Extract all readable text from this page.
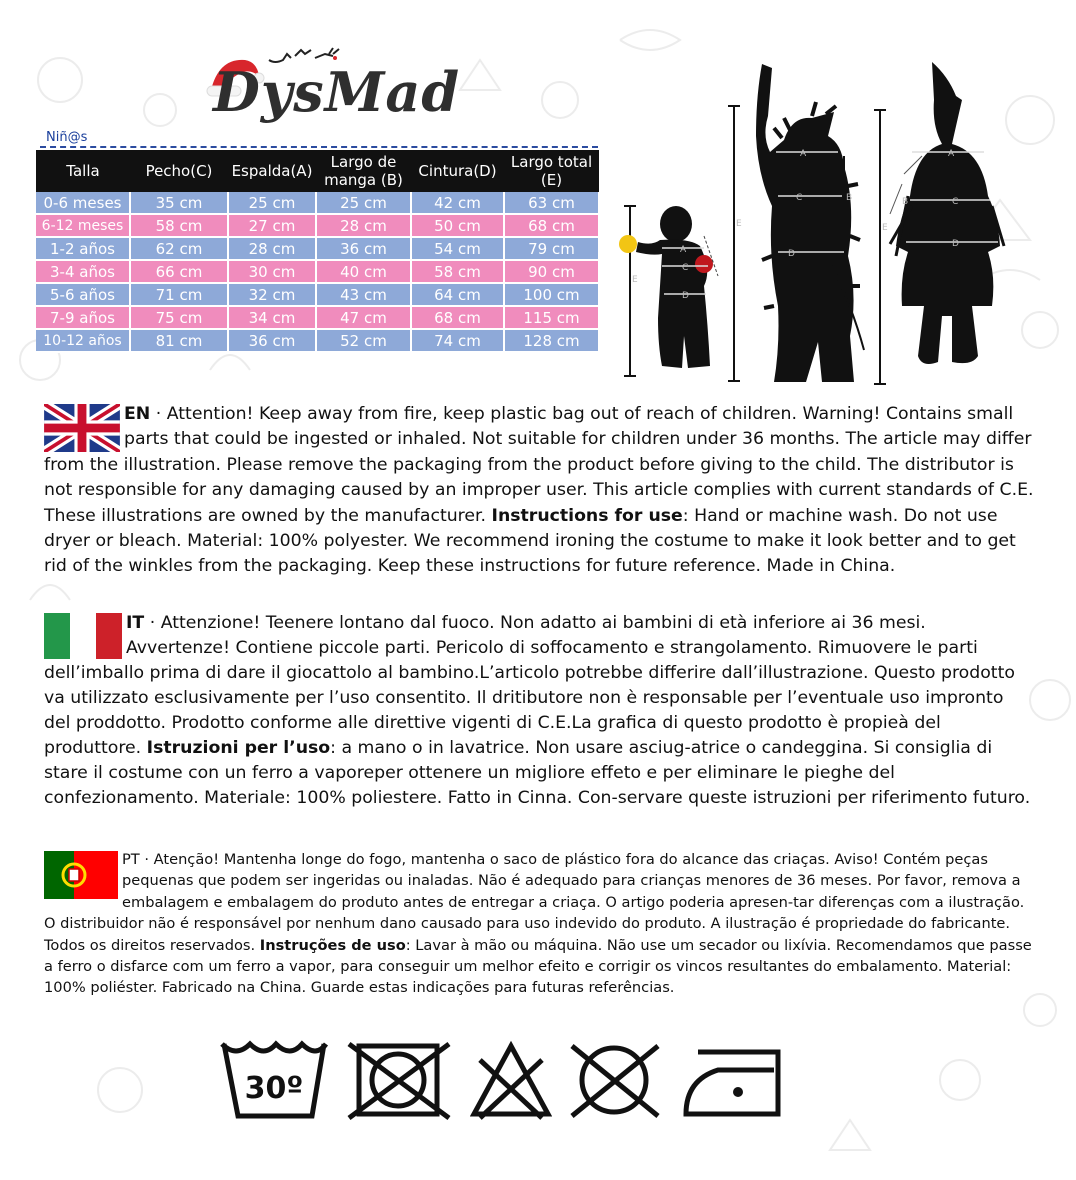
DysMad
Niñ@s
Talla	Pecho(C)	Espalda(A)	Largo de manga (B)	Cintura(D)	Largo total (E)
0-6 meses	35 cm	25 cm	25 cm	42 cm	63 cm
6-12 meses	58 cm	27 cm	28 cm	50 cm	68 cm
1-2 años	62 cm	28 cm	36 cm	54 cm	79 cm
3-4 años	66 cm	30 cm	40 cm	58 cm	90 cm
5-6 años	71 cm	32 cm	43 cm	64 cm	100 cm
7-9 años	75 cm	34 cm	47 cm	68 cm	115 cm
10-12 años	81 cm	36 cm	52 cm	74 cm	128 cm
A
C
D
E
A
C	B
D
E
A
C
B
D
E

EN · Attention! Keep away from fire, keep plastic bag out of reach of children. Warning! Contains small parts that could be ingested or inhaled. Not suitable for children under 36 months. The article may differ from the illustration. Please remove the packaging from the product before giving to the child. The distributor is not responsible for any damaging caused by an improper user. This article complies with current standards of C.E. These illustrations are owned by the manufacturer. Instructions for use: Hand or machine wash. Do not use dryer or bleach. Material: 100% polyester. We recommend ironing the costume to make it look better and to get rid of the winkles from the packaging. Keep these instructions for future reference. Made in China.

IT · Attenzione! Teenere lontano dal fuoco. Non adatto ai bambini di età inferiore ai 36 mesi. Avvertenze! Contiene piccole parti. Pericolo di soffocamento e strangolamento. Rimuovere le parti dell’imballo prima di dare il giocattolo al bambino.L’articolo potrebbe differire dall’illustrazione. Questo prodotto va utilizzato esclusivamente per l’uso consentito. Il dritibutore non è responsable per l’eventuale uso impronto del proddotto. Prodotto conforme alle direttive vigenti di C.E.La grafica di questo prodotto è propieà del produttore. Istruzioni per l’uso: a mano o in lavatrice. Non usare asciug-atrice o candeggina. Si consiglia di stare il costume con un ferro a vaporeper ottenere un migliore effeto e per eliminare le pieghe del confezionamento. Materiale: 100% poliestere. Fatto in Cinna. Con-servare queste istruzioni per riferimento futuro.

PT · Atenção! Mantenha longe do fogo, mantenha o saco de plástico fora do alcance das criaças. Aviso! Contém peças pequenas que podem ser ingeridas ou inaladas. Não é adequado para crianças menores de 36 meses. Por favor, remova a embalagem e embalagem do produto antes de entregar a criaça. O artigo poderia apresen-tar diferenças com a ilustração. O distribuidor não é responsável por nenhum dano causado para uso indevido do produto. A ilustração é propriedade do fabricante. Todos os direitos reservados. Instruções de uso: Lavar à mão ou máquina. Não use um secador ou lixívia. Recomendamos que passe a ferro o disfarce com um ferro a vapor, para conseguir um melhor efeito e corrigir os vincos resultantes do embalamento. Material: 100% poliéster. Fabricado na China. Guarde estas indicações para futuras referências.

30º
